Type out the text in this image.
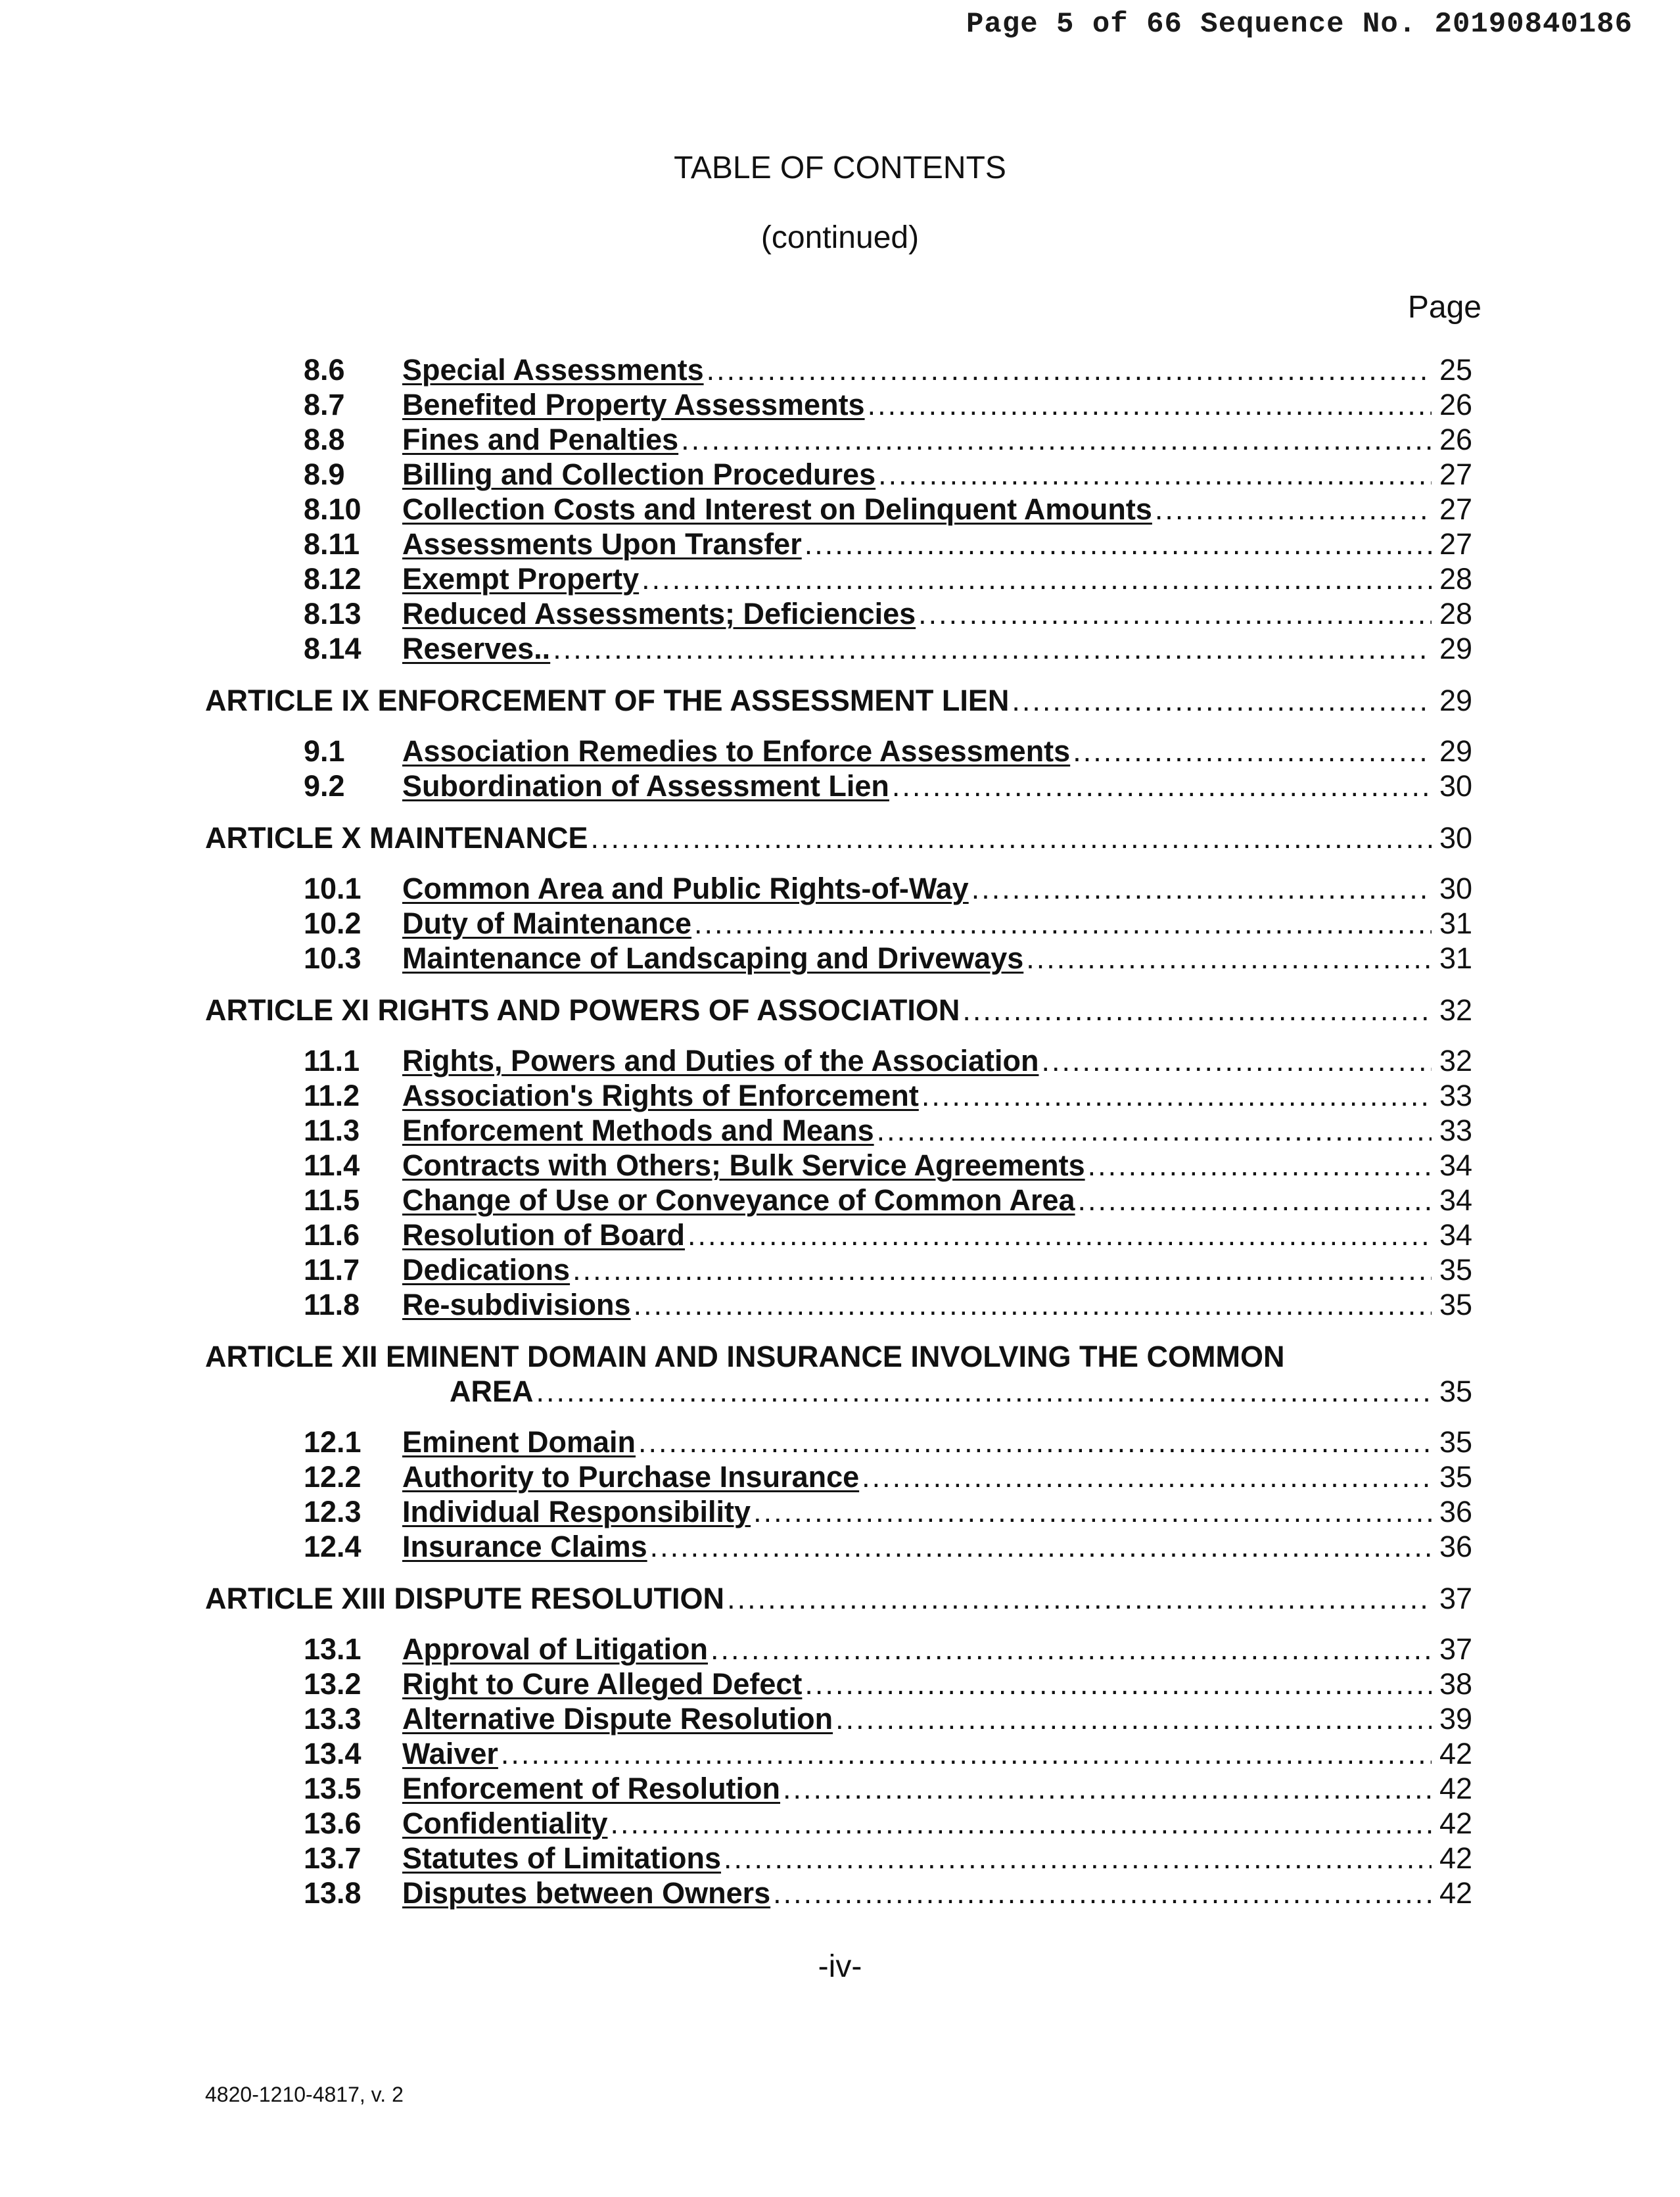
Page 5 of 66 Sequence No. 20190840186
TABLE OF CONTENTS
(continued)
Page
8.6	Special Assessments .....	25
8.7	Benefited Property Assessments .....	26
8.8	Fines and Penalties .....	26
8.9	Billing and Collection Procedures .....	27
8.10	Collection Costs and Interest on Delinquent Amounts .....	27
8.11	Assessments Upon Transfer .....	27
8.12	Exempt Property .....	28
8.13	Reduced Assessments; Deficiencies .....	28
8.14	Reserves.. .....	29
ARTICLE IX ENFORCEMENT OF THE ASSESSMENT LIEN .....	29
9.1	Association Remedies to Enforce Assessments .....	29
9.2	Subordination of Assessment Lien .....	30
ARTICLE X MAINTENANCE .....	30
10.1	Common Area and Public Rights-of-Way .....	30
10.2	Duty of Maintenance .....	31
10.3	Maintenance of Landscaping and Driveways .....	31
ARTICLE XI RIGHTS AND POWERS OF ASSOCIATION .....	32
11.1	Rights, Powers and Duties of the Association .....	32
11.2	Association's Rights of Enforcement .....	33
11.3	Enforcement Methods and Means .....	33
11.4	Contracts with Others; Bulk Service Agreements .....	34
11.5	Change of Use or Conveyance of Common Area .....	34
11.6	Resolution of Board .....	34
11.7	Dedications .....	35
11.8	Re-subdivisions .....	35
ARTICLE XII EMINENT DOMAIN AND INSURANCE INVOLVING THE COMMON
AREA .....	35
12.1	Eminent Domain .....	35
12.2	Authority to Purchase Insurance .....	35
12.3	Individual Responsibility .....	36
12.4	Insurance Claims .....	36
ARTICLE XIII DISPUTE RESOLUTION .....	37
13.1	Approval of Litigation .....	37
13.2	Right to Cure Alleged Defect .....	38
13.3	Alternative Dispute Resolution .....	39
13.4	Waiver .....	42
13.5	Enforcement of Resolution .....	42
13.6	Confidentiality .....	42
13.7	Statutes of Limitations .....	42
13.8	Disputes between Owners .....	42
-iv-
4820-1210-4817, v. 2
